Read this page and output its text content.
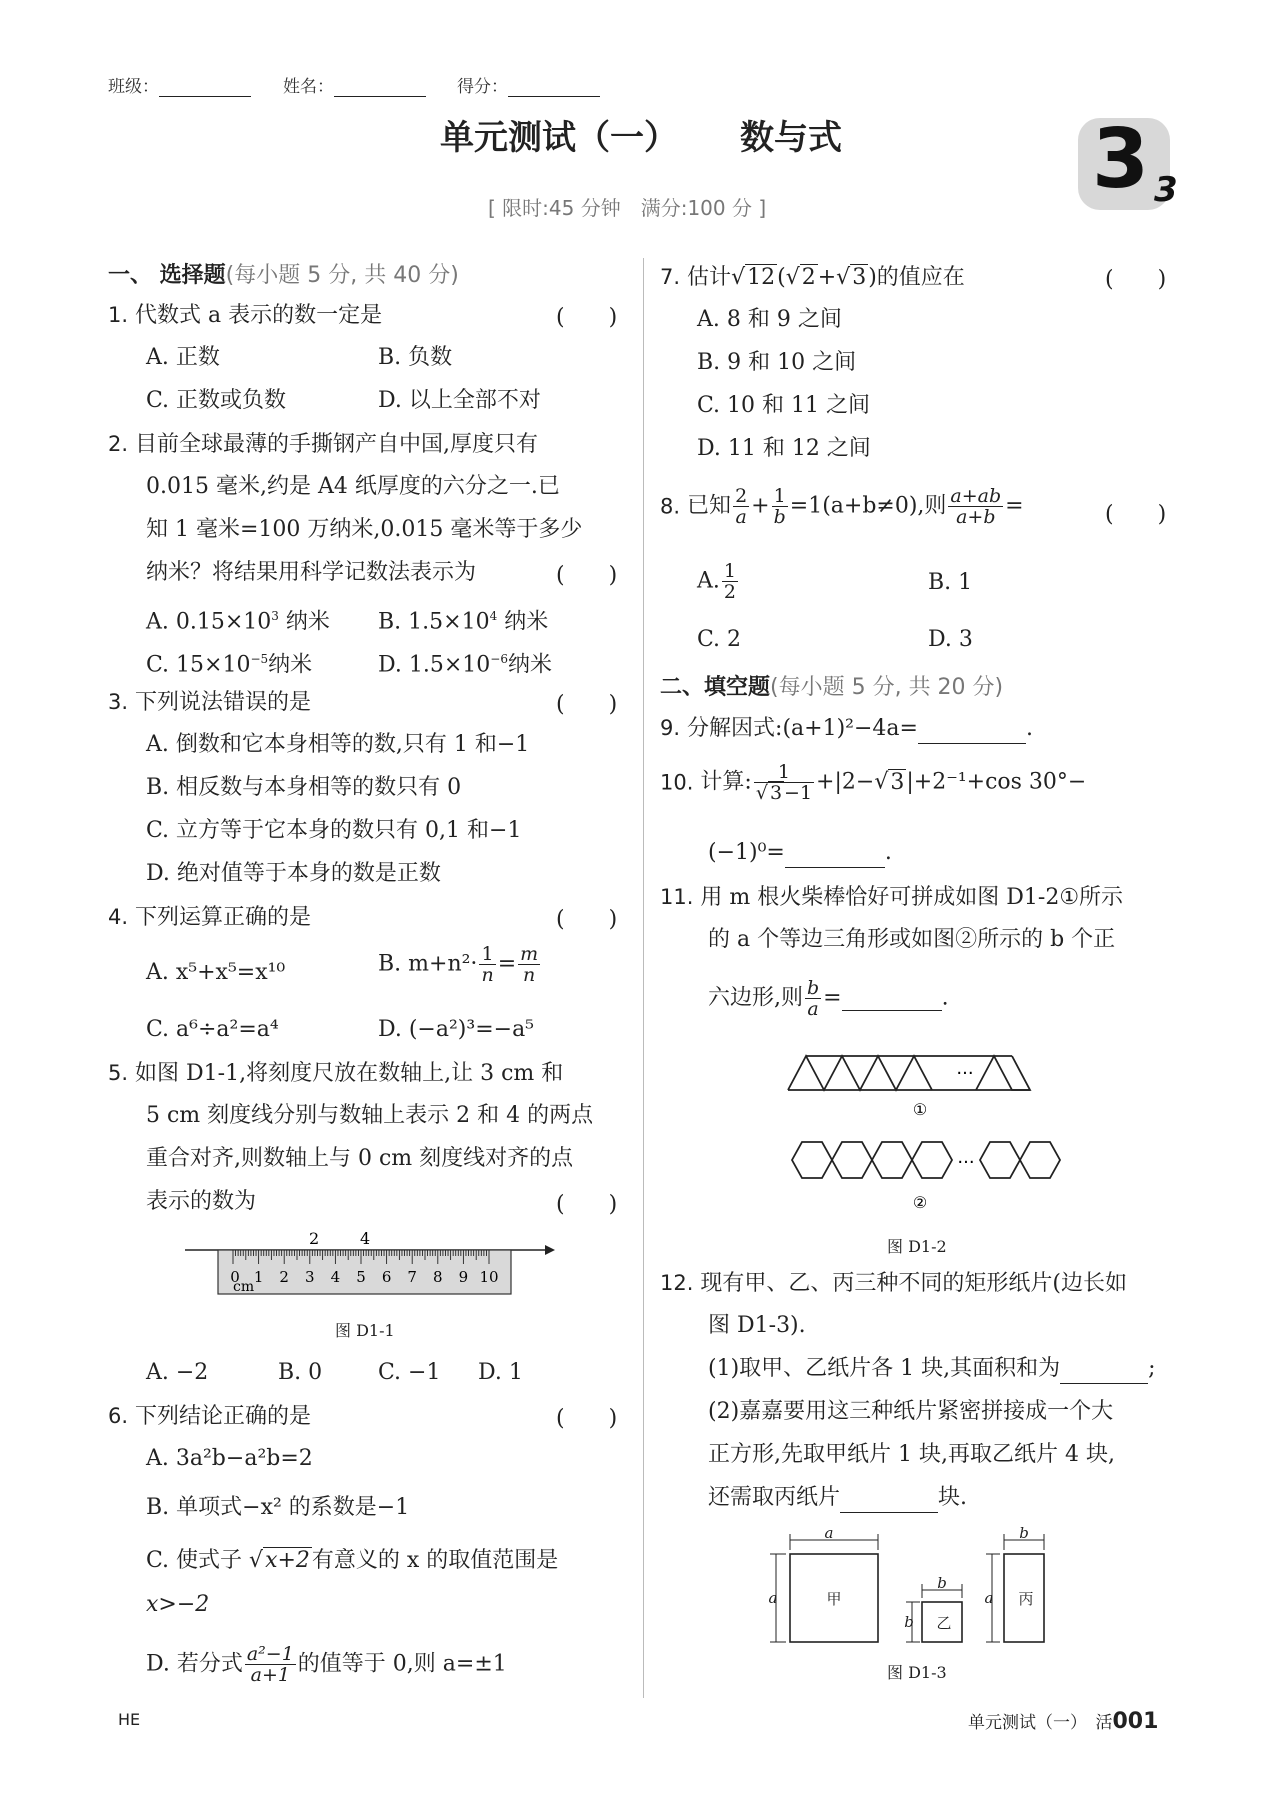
班级：	姓名：	得分：
单元测试（一） 数与式
[ 限时:45 分钟　满分:100 分 ]
3 3
一、 选择题(每小题 5 分, 共 40 分)
1. 代数式 a 表示的数一定是	(　　)
A. 正数	B. 负数
C. 正数或负数	D. 以上全部不对
2. 目前全球最薄的手撕钢产自中国,厚度只有
0.015 毫米,约是 A4 纸厚度的六分之一.已
知 1 毫米=100 万纳米,0.015 毫米等于多少
纳米？将结果用科学记数法表示为	(　　)
A. $0.15\times 10^3$ 纳米 B. $1.5\times 10^4$ 纳米
C. $15\times 10^{-5}$纳米	D. $1.5\times 10^{-6}$纳米
3. 下列说法错误的是	(　　)
A. 倒数和它本身相等的数,只有 1 和−1
B. 相反数与本身相等的数只有 0
C. 立方等于它本身的数只有 0,1 和−1
D. 绝对值等于本身的数是正数
4. 下列运算正确的是	(　　)
A. x⁵+x⁵=x¹⁰	B. $m+n^2\cdot \frac{1}{n} = \frac{m}{n}$
C. a⁶÷a²=a⁴	D. (−a²)³=−a⁵
5. 如图 D1-1,将刻度尺放在数轴上,让 3 cm 和
5 cm 刻度线分别与数轴上表示 2 和 4 的两点
重合对齐,则数轴上与 0 cm 刻度线对齐的点
表示的数为	(　　)
2	4
1 2 3 4 5 6 7 8 9 10
0
cm
图 D1-1
A. −2	B. 0	C. −1 D. 1
6. 下列结论正确的是	(　　)
A. 3a²b−a²b=2
B. 单项式−x² 的系数是−1
C. 使式子 √x+2有意义的 x 的取值范围是
x>−2
D. 若分式 $\frac{\text{a²−1}}{a+1}$ 的值等于 0,则 a=±1
7. 估计√12(√2+√3)的值应在	(　　)
A. 8 和 9 之间
B. 9 和 10 之间
C. 10 和 11 之间
D. 11 和 12 之间
8. 已知 $\frac{2}{a} + \frac{1}{b} =1(a+b\ne 0)$,则 $\frac{a+ab}{a+b}$ =	(　　)
A. $\frac{1}{2}$	B. 1
C. 2	D. 3
二、填空题(每小题 5 分, 共 20 分)
9. 分解因式:(a+1)²−4a=	.
10. 计算: $\frac{1}{√ 3 -1} +|2-√3|+2^{-1}+\cos$ 30°−
(−1)⁰=	.
11. 用 m 根火柴棒恰好可拼成如图 D1-2①所示
的 a 个等边三角形或如图②所示的 b 个正
六边形,则 $\frac{b}{a}$ =	.
···
①
···
②
图 D1-2
12. 现有甲、乙、丙三种不同的矩形纸片(边长如
图 D1-3).
(1)取甲、乙纸片各 1 块,其面积和为	;
(2)嘉嘉要用这三种纸片紧密拼接成一个大
正方形,先取甲纸片 1 块,再取乙纸片 4 块,
还需取丙纸片	块.
a
a	甲
b
b 乙
b
a 丙
图 D1-3
HE	单元测试（一）　活001
